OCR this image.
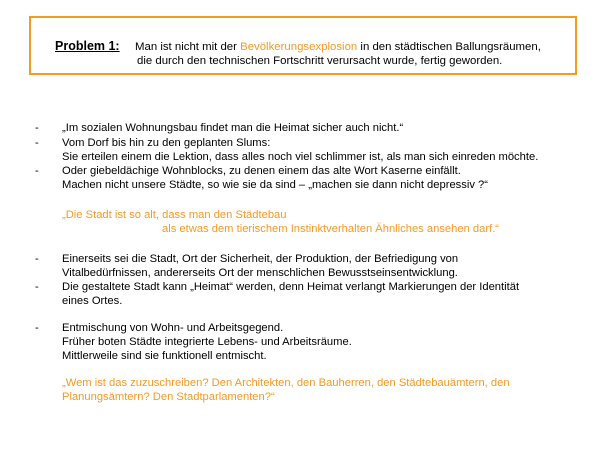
Problem 1: Man ist nicht mit der Bevölkerungsexplosion in den städtischen Ballungsräumen,
die durch den technischen Fortschritt verursacht wurde, fertig geworden.
-
-
-
-
-
-
„Im sozialen Wohnungsbau findet man die Heimat sicher auch nicht.“
Vom Dorf bis hin zu den geplanten Slums:
Sie erteilen einem die Lektion, dass alles noch viel schlimmer ist, als man sich einreden möchte.
Oder giebeldächige Wohnblocks, zu denen einem das alte Wort Kaserne einfällt.
Machen nicht unsere Städte, so wie sie da sind – „machen sie dann nicht depressiv ?“
„Die Stadt ist so alt, dass man den Städtebau
als etwas dem tierischem Instinktverhalten Ähnliches ansehen darf.“
Einerseits sei die Stadt, Ort der Sicherheit, der Produktion, der Befriedigung von
Vitalbedürfnissen, andererseits Ort der menschlichen Bewusstseinsentwicklung.
Die gestaltete Stadt kann „Heimat“ werden, denn Heimat verlangt Markierungen der Identität
eines Ortes.
Entmischung von Wohn- und Arbeitsgegend.
Früher boten Städte integrierte Lebens- und Arbeitsräume.
Mittlerweile sind sie funktionell entmischt.
„Wem ist das zuzuschreiben? Den Architekten, den Bauherren, den Städtebauämtern, den
Planungsämtern? Den Stadtparlamenten?“
